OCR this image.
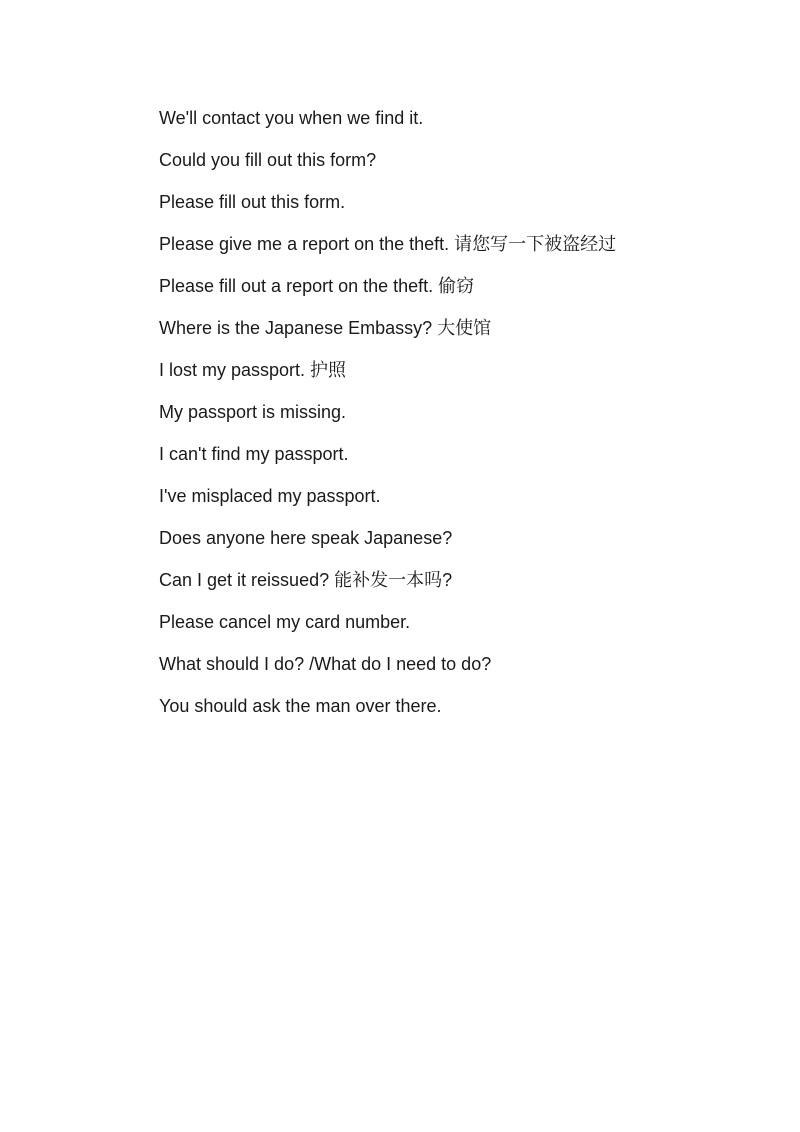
We'll contact you when we find it.
Could you fill out this form?
Please fill out this form.
Please give me a report on the theft. 请您写一下被盗经过
Please fill out a report on the theft. 偷窃
Where is the Japanese Embassy? 大使馆
I lost my passport. 护照
My passport is missing.
I can't find my passport.
I've misplaced my passport.
Does anyone here speak Japanese?
Can I get it reissued? 能补发一本吗?
Please cancel my card number.
What should I do? /What do I need to do?
You should ask the man over there.
